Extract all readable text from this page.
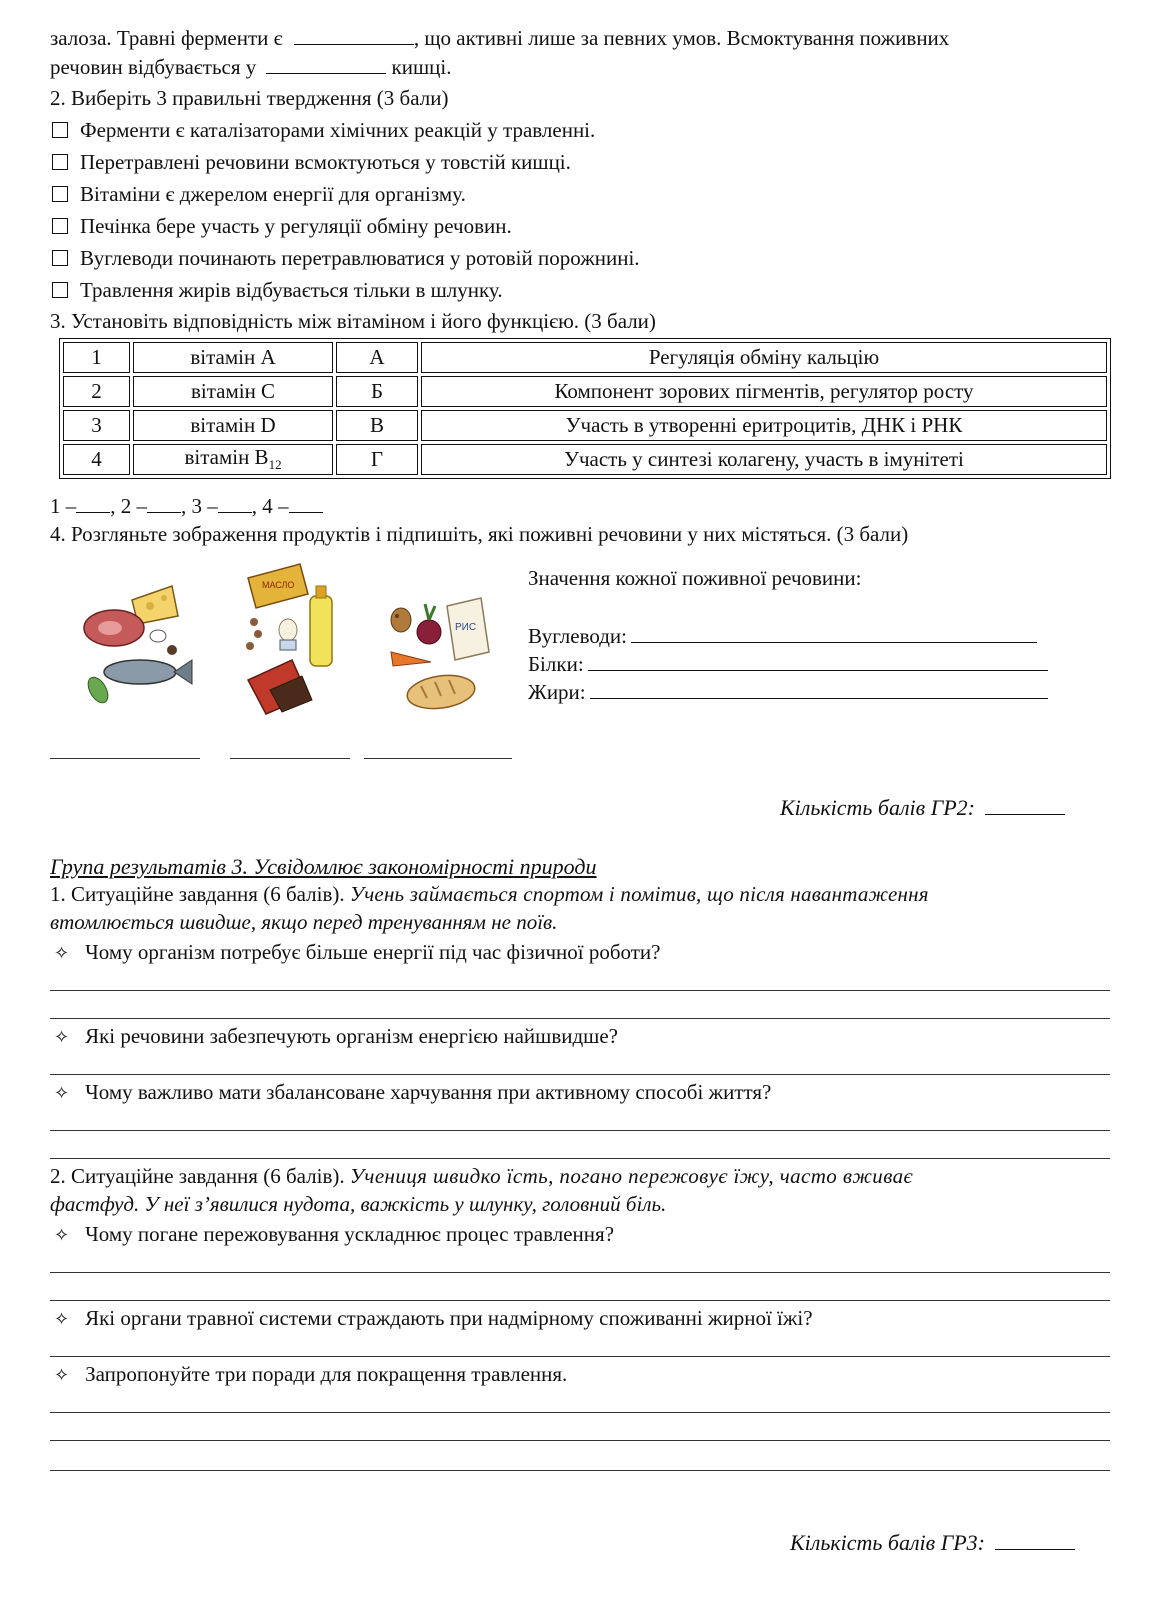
залоза. Травні ферменти є	, що активні лише за певних умов. Всмоктування поживних
речовин відбувається у	кишці.
2. Виберіть 3 правильні твердження (3 бали)
Ферменти є каталізаторами хімічних реакцій у травленні.
Перетравлені речовини всмоктуються у товстій кишці.
Вітаміни є джерелом енергії для організму.
Печінка бере участь у регуляції обміну речовин.
Вуглеводи починають перетравлюватися у ротовій порожнині.
Травлення жирів відбувається тільки в шлунку.
3. Установіть відповідність між вітаміном і його функцією. (3 бали)
1	вітамін А	А	Регуляція обміну кальцію
2	вітамін С	Б	Компонент зорових пігментів, регулятор росту
3	вітамін D	В	Участь в утворенні еритроцитів, ДНК і РНК
4	вітамін $B_{12}$	Г	Участь у синтезі колагену, участь в імунітеті
1 – , 2 – , 3 – , 4 –
4. Розгляньте зображення продуктів і підпишіть, які поживні речовини у них містяться. (3 бали)
МАСЛО
РИС
Значення кожної поживної речовини:
Вуглеводи:
Білки:
Жири:
Кількість балів ГР2:
Група результатів 3. Усвідомлює закономірності природи
1. Ситуаційне завдання (6 балів). Учень займається спортом і помітив, що після навантаження
втомлюється швидше, якщо перед тренуванням не поїв.
✧ Чому організм потребує більше енергії під час фізичної роботи?
✧ Які речовини забезпечують організм енергією найшвидше?
✧ Чому важливо мати збалансоване харчування при активному способі життя?
2. Ситуаційне завдання (6 балів). Учениця швидко їсть, погано пережовує їжу, часто вживає
фастфуд. У неї з’явилися нудота, важкість у шлунку, головний біль.
✧ Чому погане пережовування ускладнює процес травлення?
✧ Які органи травної системи страждають при надмірному споживанні жирної їжі?
✧ Запропонуйте три поради для покращення травлення.
Кількість балів ГР3:
